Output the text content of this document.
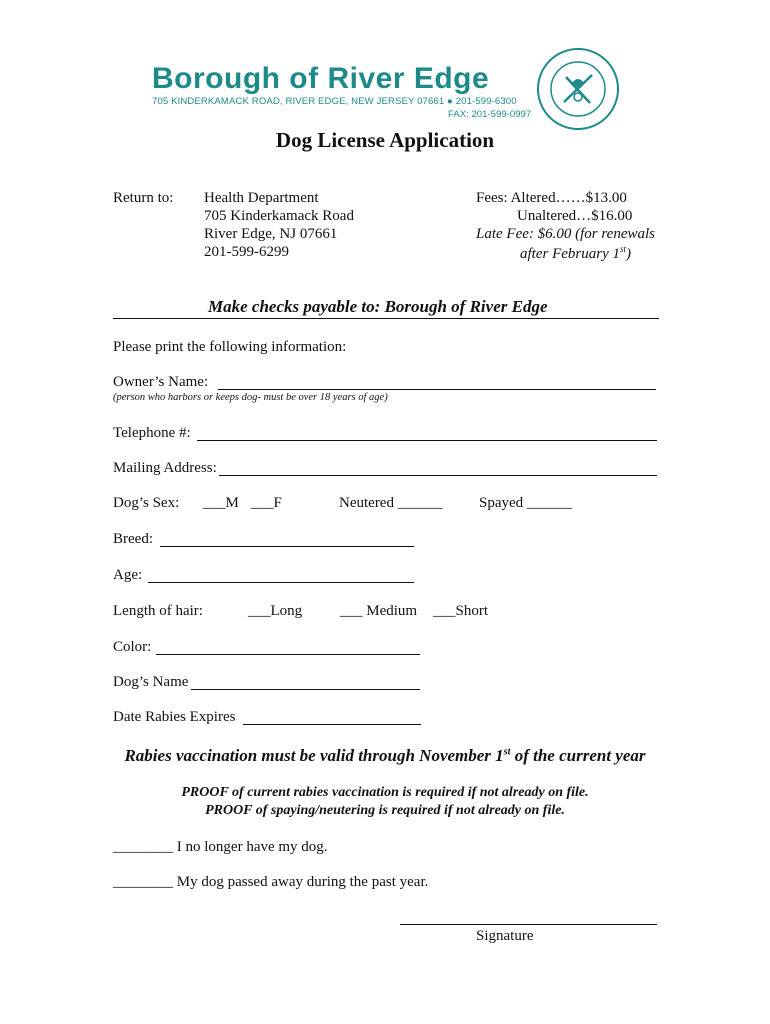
Borough of River Edge
705 KINDERKAMACK ROAD, RIVER EDGE, NEW JERSEY 07661 ● 201-599-6300
FAX: 201-599-0997
Dog License Application
Return to: Health Department
705 Kinderkamack Road
River Edge, NJ 07661
201-599-6299
Fees: Altered……$13.00
Unaltered…$16.00
Late Fee: $6.00 (for renewals
after February 1st)
Make checks payable to: Borough of River Edge
Please print the following information:
Owner’s Name:
(person who harbors or keeps dog- must be over 18 years of age)
Telephone #:
Mailing Address:
Dog’s Sex: ___M ___F	Neutered ______ Spayed ______
Breed:
Age:
Length of hair:	___Long	___ Medium ___Short
Color:
Dog’s Name
Date Rabies Expires
Rabies vaccination must be valid through November 1st of the current year
PROOF of current rabies vaccination is required if not already on file.
PROOF of spaying/neutering is required if not already on file.
________ I no longer have my dog.
________ My dog passed away during the past year.
Signature
